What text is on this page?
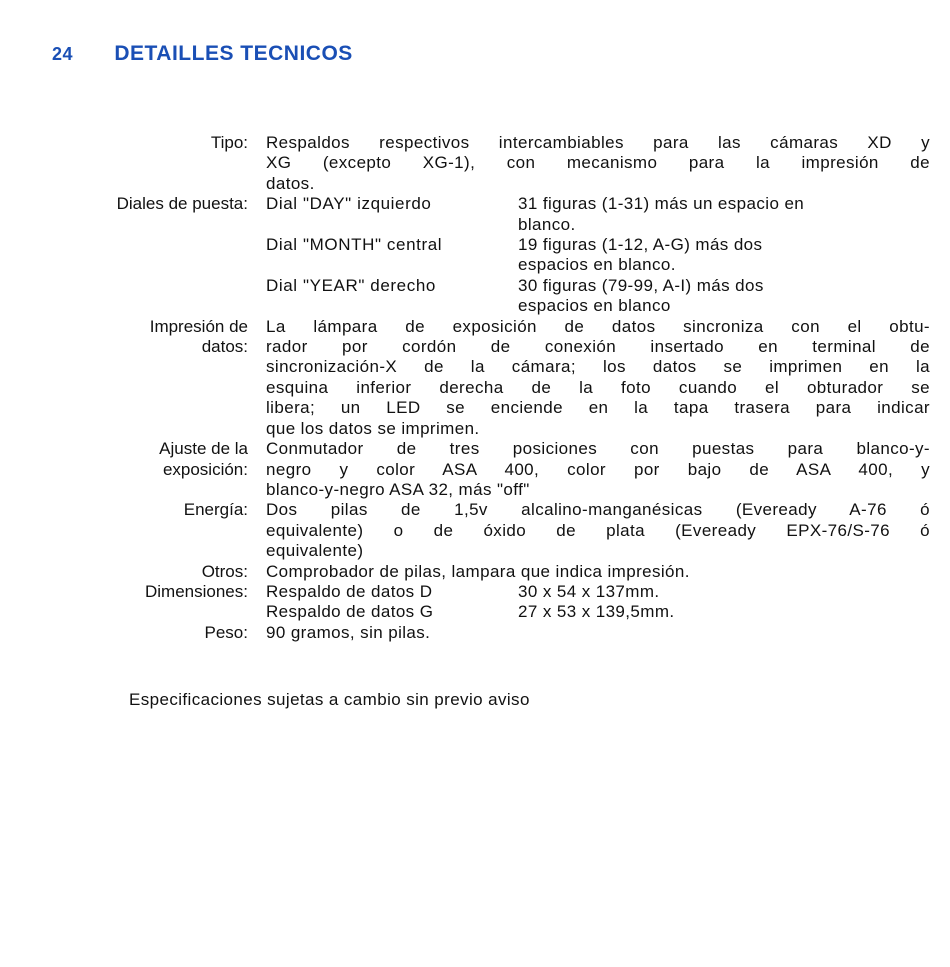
24 DETAILLES TECNICOS
Tipo: Respaldos respectivos intercambiables para las cámaras XD y
XG (excepto XG-1), con mecanismo para la impresión de
datos.
Diales de puesta: Dial "DAY" izquierdo	31 figuras (1-31) más un espacio en
blanco.
Dial "MONTH" central	19 figuras (1-12, A-G) más dos
espacios en blanco.
Dial "YEAR" derecho	30 figuras (79-99, A-I) más dos
espacios en blanco
Impresión de
datos:
La lámpara de exposición de datos sincroniza con el obtu-
rador por cordón de conexión insertado en terminal de
sincronización-X de la cámara; los datos se imprimen en la
esquina inferior derecha de la foto cuando el obturador se
libera; un LED se enciende en la tapa trasera para indicar
que los datos se imprimen.
Ajuste de la
exposición:
Conmutador de tres posiciones con puestas para blanco-y-
negro y color ASA 400, color por bajo de ASA 400, y
blanco-y-negro ASA 32, más "off"
Energía: Dos pilas de 1,5v alcalino-manganésicas (Eveready A-76 ó
equivalente) o de óxido de plata (Eveready EPX-76/S-76 ó
equivalente)
Otros: Comprobador de pilas, lampara que indica impresión.
Dimensiones: Respaldo de datos D	30 x 54 x 137mm.
Respaldo de datos G	27 x 53 x 139,5mm.
Peso: 90 gramos, sin pilas.
Especificaciones sujetas a cambio sin previo aviso
